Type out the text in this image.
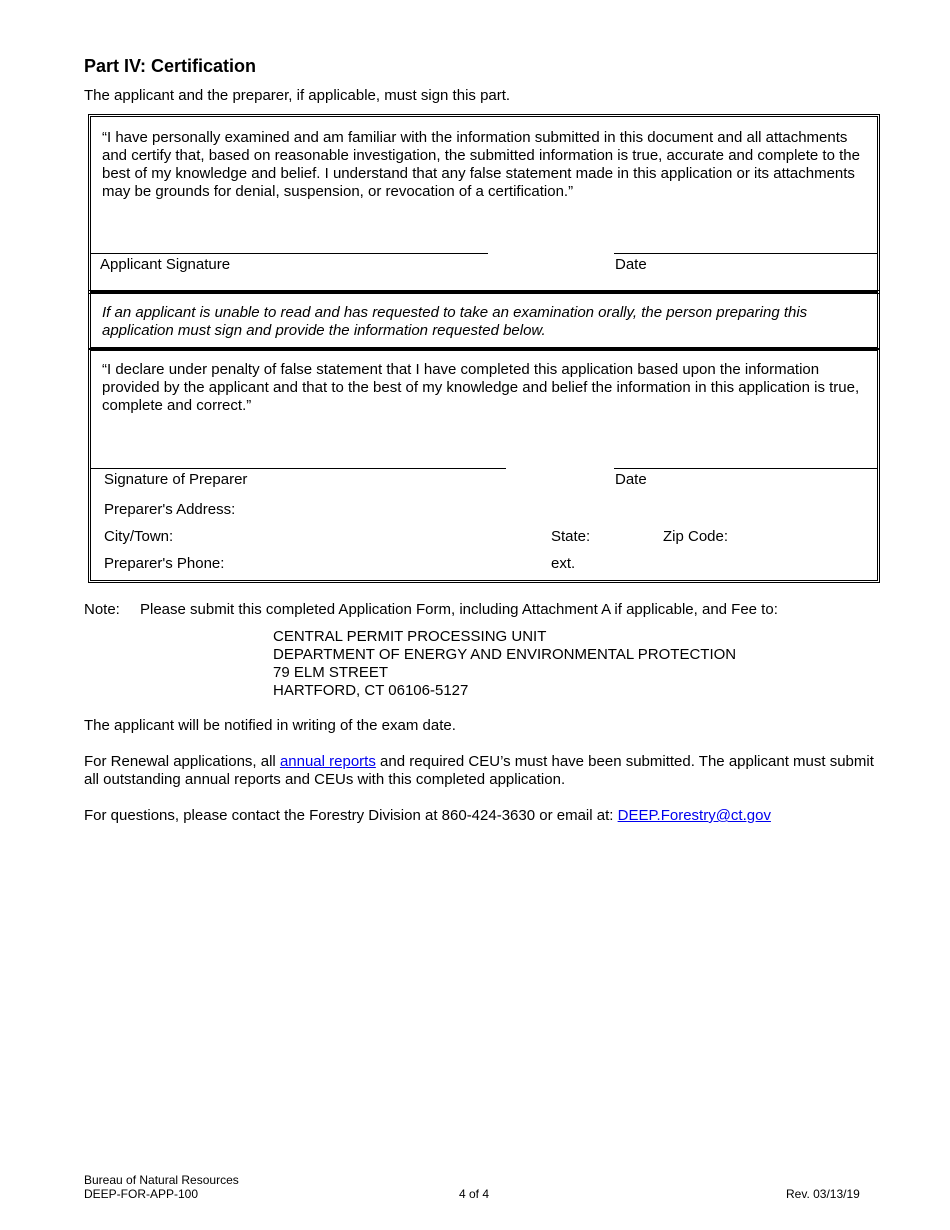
Part IV: Certification
The applicant and the preparer, if applicable, must sign this part.
“I have personally examined and am familiar with the information submitted in this document and all attachments and certify that, based on reasonable investigation, the submitted information is true, accurate and complete to the best of my knowledge and belief. I understand that any false statement made in this application or its attachments may be grounds for denial, suspension, or revocation of a certification.”
Applicant Signature	Date
If an applicant is unable to read and has requested to take an examination orally, the person preparing this application must sign and provide the information requested below.
“I declare under penalty of false statement that I have completed this application based upon the information provided by the applicant and that to the best of my knowledge and belief the information in this application is true, complete and correct.”
Signature of Preparer	Date
Preparer's Address:
City/Town:	State:	Zip Code:
Preparer's Phone:	ext.
Note: Please submit this completed Application Form, including Attachment A if applicable, and Fee to:
CENTRAL PERMIT PROCESSING UNIT
DEPARTMENT OF ENERGY AND ENVIRONMENTAL PROTECTION
79 ELM STREET
HARTFORD, CT 06106-5127
The applicant will be notified in writing of the exam date.
For Renewal applications, all annual reports and required CEU’s must have been submitted. The applicant must submit all outstanding annual reports and CEUs with this completed application.
For questions, please contact the Forestry Division at 860-424-3630 or email at: DEEP.Forestry@ct.gov
Bureau of Natural Resources
DEEP-FOR-APP-100	4 of 4	Rev. 03/13/19
